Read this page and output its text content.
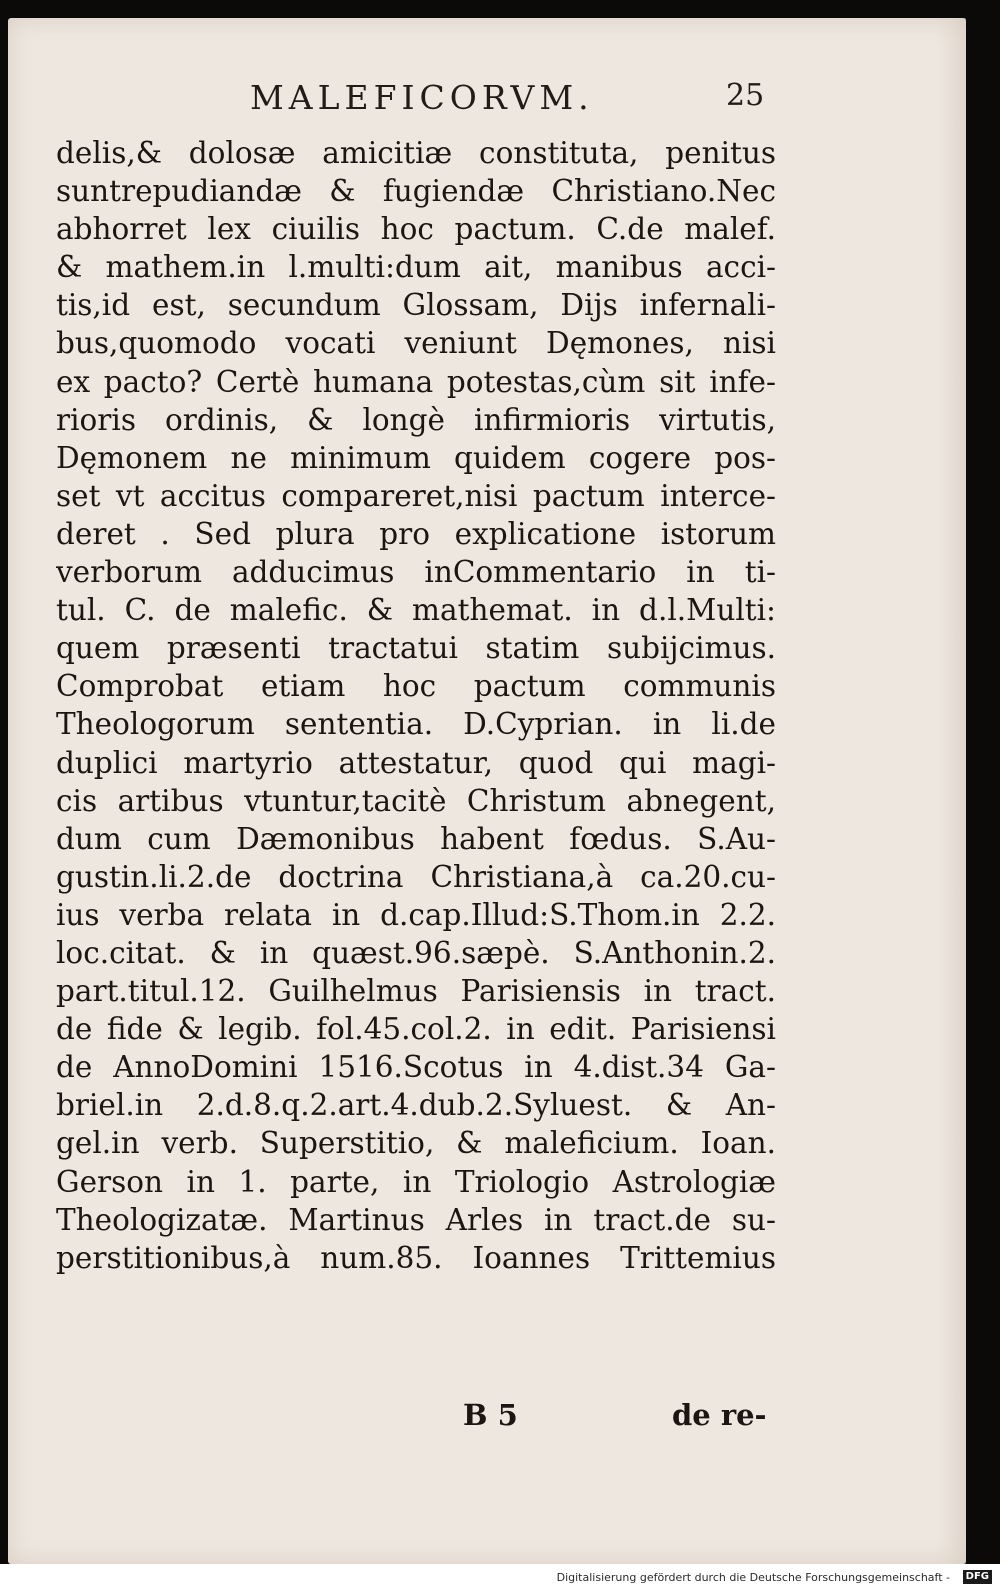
MALEFICORVM.	25
delis,& dolosæ amicitiæ constituta, penitus
suntrepudiandæ & fugiendæ Christiano.Nec
abhorret lex ciuilis hoc pactum. C.de malef.
& mathem.in l.multi:dum ait, manibus acci-
tis,id est, secundum Glossam, Dijs infernali-
bus,quomodo vocati veniunt Dęmones, nisi
ex pacto? Certè humana potestas,cùm sit infe-
rioris ordinis, & longè infirmioris virtutis,
Dęmonem ne minimum quidem cogere pos-
set vt accitus compareret,nisi pactum interce-
deret . Sed plura pro explicatione istorum
verborum adducimus inCommentario in ti-
tul. C. de malefic. & mathemat. in d.l.Multi:
quem præsenti tractatui statim subijcimus.
Comprobat etiam hoc pactum communis
Theologorum sententia. D.Cyprian. in li.de
duplici martyrio attestatur, quod qui magi-
cis artibus vtuntur,tacitè Christum abnegent,
dum cum Dæmonibus habent fœdus. S.Au-
gustin.li.2.de doctrina Christiana,à ca.20.cu-
ius verba relata in d.cap.Illud:S.Thom.in 2.2.
loc.citat. & in quæst.96.sæpè. S.Anthonin.2.
part.titul.12. Guilhelmus Parisiensis in tract.
de fide & legib. fol.45.col.2. in edit. Parisiensi
de AnnoDomini 1516.Scotus in 4.dist.34 Ga-
briel.in 2.d.8.q.2.art.4.dub.2.Syluest. & An-
gel.in verb. Superstitio, & maleficium. Ioan.
Gerson in 1. parte, in Triologio Astrologiæ
Theologizatæ. Martinus Arles in tract.de su-
perstitionibus,à num.85. Ioannes Trittemius
B 5	de re-
Digitalisierung gefördert durch die Deutsche Forschungsgemeinschaft -	DFG
